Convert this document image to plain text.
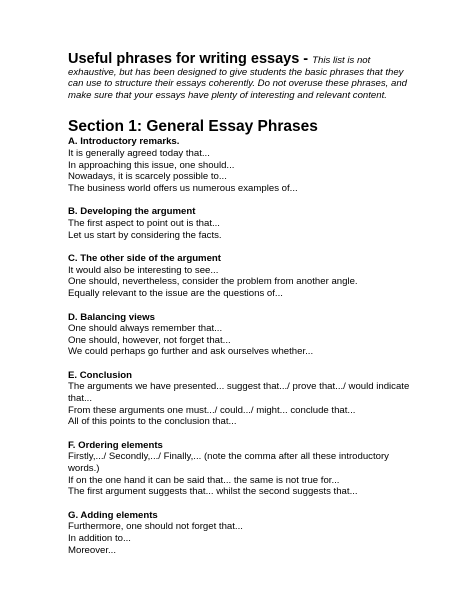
Useful phrases for writing essays - This list is not exhaustive, but has been designed to give students the basic phrases that they can use to structure their essays coherently. Do not overuse these phrases, and make sure that your essays have plenty of interesting and relevant content.
Section 1: General Essay Phrases
A. Introductory remarks.
It is generally agreed today that...
In approaching this issue, one should...
Nowadays, it is scarcely possible to...
The business world offers us numerous examples of...
B. Developing the argument
The first aspect to point out is that...
Let us start by considering the facts.
C. The other side of the argument
It would also be interesting to see...
One should, nevertheless, consider the problem from another angle.
Equally relevant to the issue are the questions of...
D. Balancing views
One should always remember that...
One should, however, not forget that...
We could perhaps go further and ask ourselves whether...
E. Conclusion
The arguments we have presented... suggest that.../ prove that.../ would indicate that...
From these arguments one must.../ could.../ might... conclude that...
All of this points to the conclusion that...
F. Ordering elements
Firstly,.../ Secondly,.../ Finally,... (note the comma after all these introductory words.)
If on the one hand it can be said that... the same is not true for...
The first argument suggests that... whilst the second suggests that...
G. Adding elements
Furthermore, one should not forget that...
In addition to...
Moreover...
